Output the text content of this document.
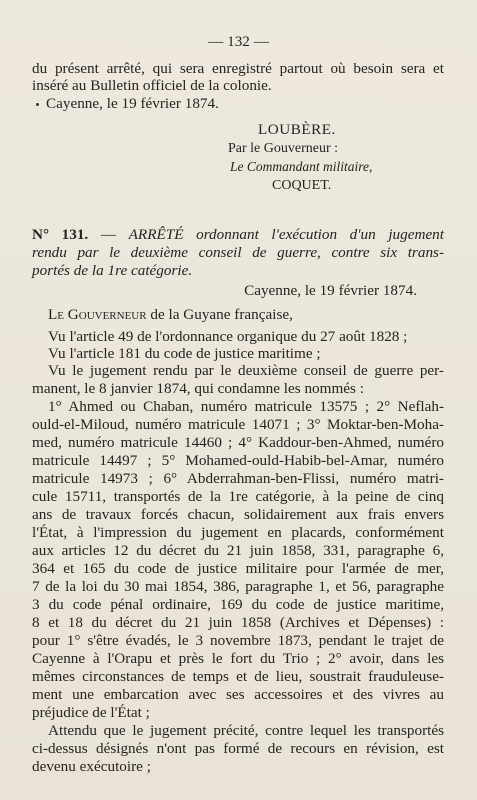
— 132 —
du présent arrêté, qui sera enregistré partout où besoin sera et
inséré au Bulletin officiel de la colonie.
Cayenne, le 19 février 1874.
LOUBÈRE.
Par le Gouverneur :
Le Commandant militaire,
COQUET.
N° 131. — ARRÊTÉ ordonnant l'exécution d'un jugement
rendu par le deuxième conseil de guerre, contre six trans-
portés de la 1re catégorie.
Cayenne, le 19 février 1874.
Le Gouverneur de la Guyane française,
Vu l'article 49 de l'ordonnance organique du 27 août 1828 ;
Vu l'article 181 du code de justice maritime ;
Vu le jugement rendu par le deuxième conseil de guerre per-
manent, le 8 janvier 1874, qui condamne les nommés :
1° Ahmed ou Chaban, numéro matricule 13575 ; 2° Neflah-
ould-el-Miloud, numéro matricule 14071 ; 3° Moktar-ben-Moha-
med, numéro matricule 14460 ; 4° Kaddour-ben-Ahmed, numéro
matricule 14497 ; 5° Mohamed-ould-Habib-bel-Amar, numéro
matricule 14973 ; 6° Abderrahman-ben-Flissi, numéro matri-
cule 15711, transportés de la 1re catégorie, à la peine de cinq
ans de travaux forcés chacun, solidairement aux frais envers
l'État, à l'impression du jugement en placards, conformément
aux articles 12 du décret du 21 juin 1858, 331, paragraphe 6,
364 et 165 du code de justice militaire pour l'armée de mer,
7 de la loi du 30 mai 1854, 386, paragraphe 1, et 56, paragraphe
3 du code pénal ordinaire, 169 du code de justice maritime,
8 et 18 du décret du 21 juin 1858 (Archives et Dépenses) :
pour 1° s'être évadés, le 3 novembre 1873, pendant le trajet de
Cayenne à l'Orapu et près le fort du Trio ; 2° avoir, dans les
mêmes circonstances de temps et de lieu, soustrait frauduleuse-
ment une embarcation avec ses accessoires et des vivres au
préjudice de l'État ;
Attendu que le jugement précité, contre lequel les transportés
ci-dessus désignés n'ont pas formé de recours en révision, est
devenu exécutoire ;
